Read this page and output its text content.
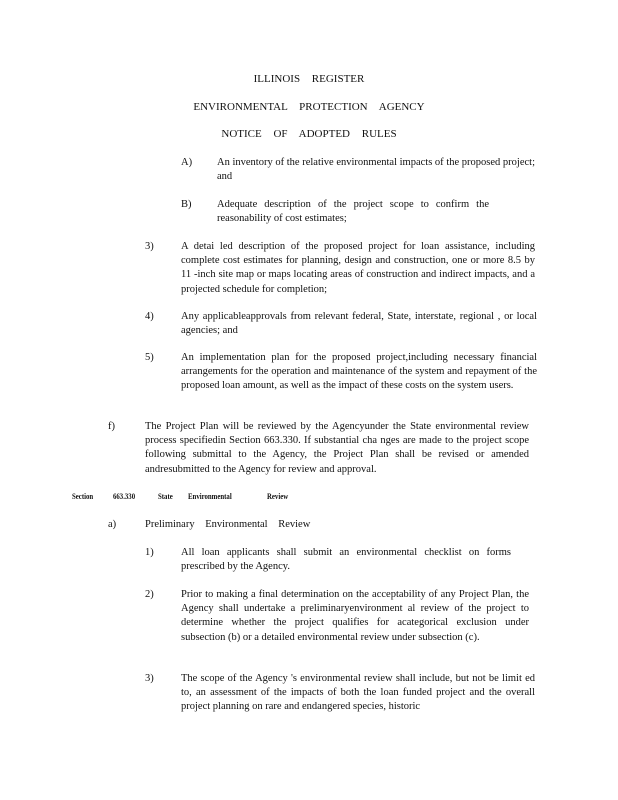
ILLINOIS REGISTER
ENVIRONMENTAL PROTECTION AGENCY
NOTICE OF ADOPTED RULES
A) An inventory of the relative environmental impacts of the proposed project; and
B) Adequate description of the project scope to confirm the reasonability of cost estimates;
3)	A detai led description of the proposed project for loan assistance, including complete cost estimates for planning, design and construction, one or more 8.5 by 11 -inch site map or maps locating areas of construction and indirect impacts, and a projected schedule for completion;
4)	Any applicableapprovals from relevant federal, State, interstate, regional , or local agencies; and
5)	An implementation plan for the proposed project,including necessary financial arrangements for the operation and maintenance of the system and repayment of the proposed loan amount, as well as the impact of these costs on the system users.
f)	The Project Plan will be reviewed by the Agencyunder the State environmental review process specifiedin Section 663.330. If substantial cha nges are made to the project scope following submittal to the Agency, the Project Plan shall be revised or amended andresubmitted to the Agency for review and approval.
Section 663.330	State Environmental	Review
a)	Preliminary Environmental Review
1)	All loan applicants shall submit an environmental checklist on forms prescribed by the Agency.
2)	Prior to making a final determination on the acceptability of any Project Plan, the Agency shall undertake a preliminaryenvironment al review of the project to determine whether the project qualifies for acategorical exclusion under subsection (b) or a detailed environmental review under subsection (c).
3)	The scope of the Agency 's environmental review shall include, but not be limit ed to, an assessment of the impacts of both the loan funded project and the overall project planning on rare and endangered species, historic
